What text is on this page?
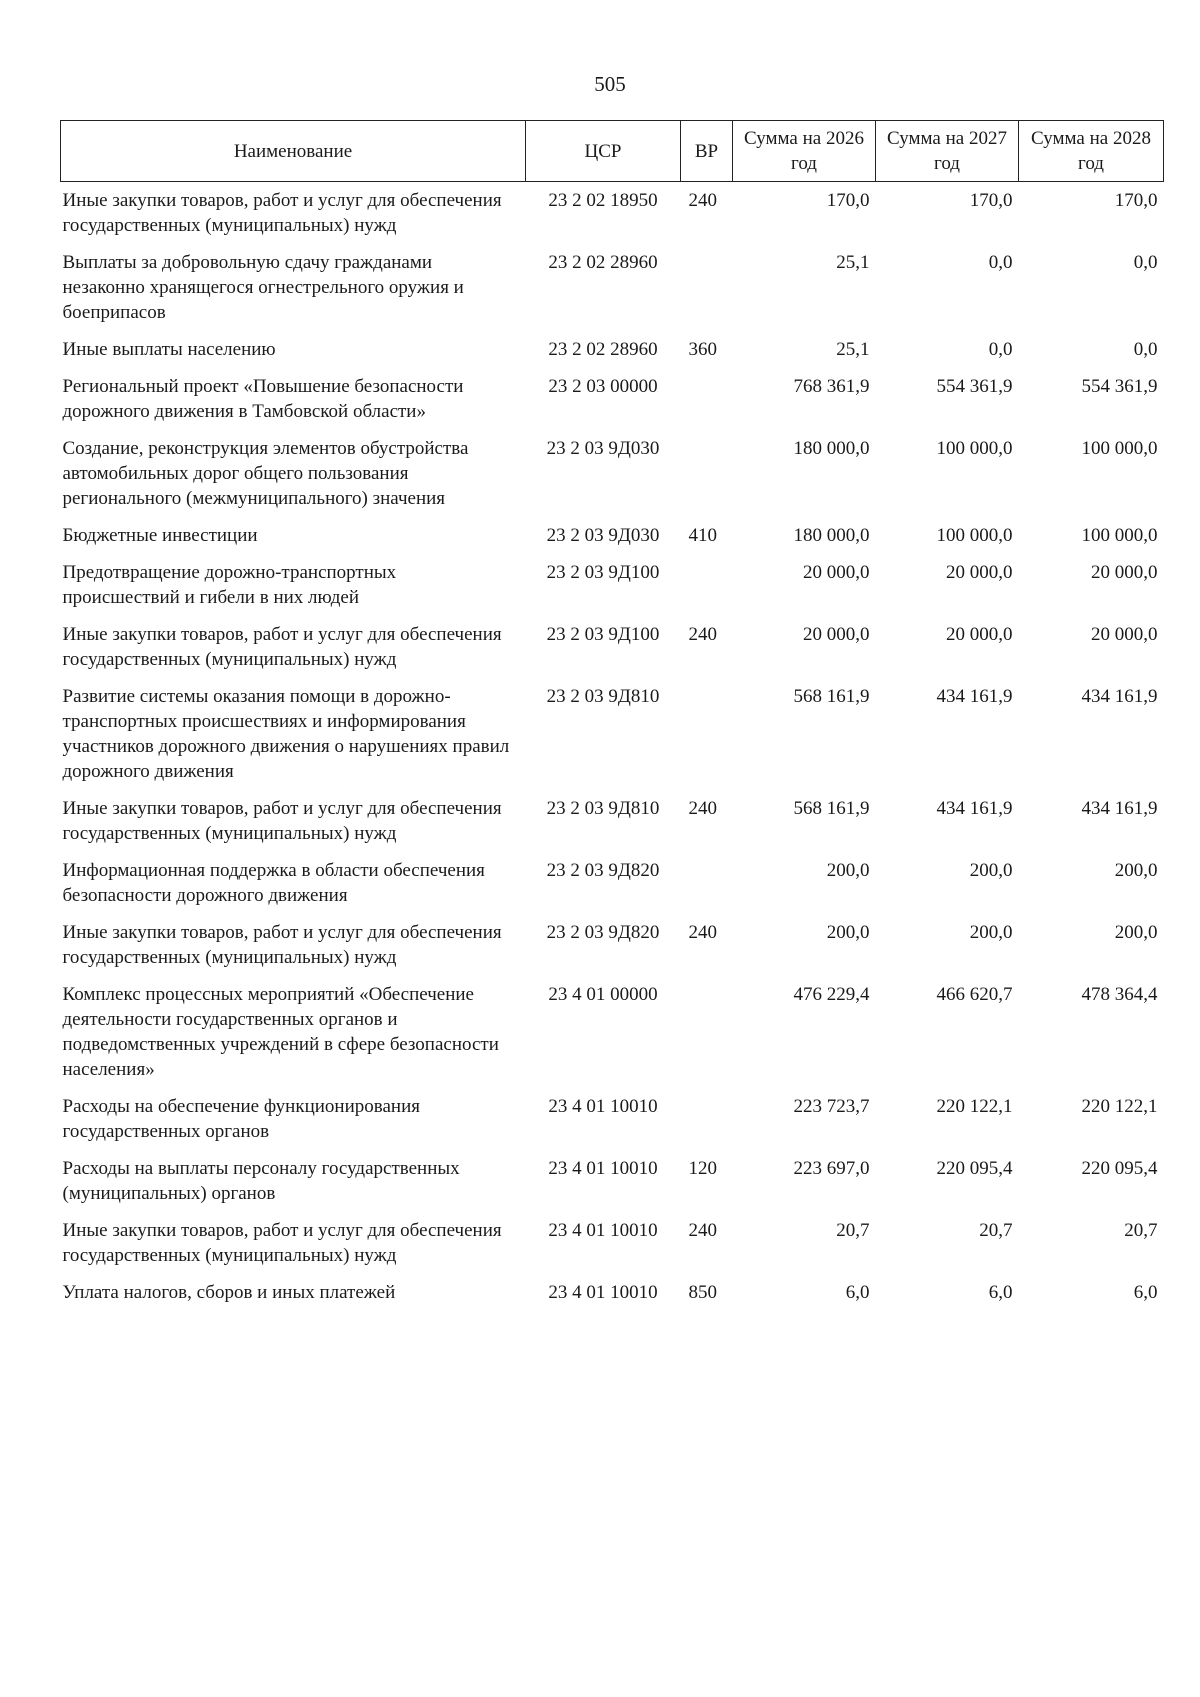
505
Наименование	ЦСР	ВР	Сумма на 2026 год	Сумма на 2027 год	Сумма на 2028 год
Иные закупки товаров, работ и услуг для обеспечения государственных (муниципальных) нужд	23 2 02 18950	240	170,0	170,0	170,0
Выплаты за добровольную сдачу гражданами незаконно хранящегося огнестрельного оружия и боеприпасов	23 2 02 28960		25,1	0,0	0,0
Иные выплаты населению	23 2 02 28960	360	25,1	0,0	0,0
Региональный проект «Повышение безопасности дорожного движения в Тамбовской области»	23 2 03 00000		768 361,9	554 361,9	554 361,9
Создание, реконструкция элементов обустройства автомобильных дорог общего пользования регионального (межмуниципального) значения	23 2 03 9Д030		180 000,0	100 000,0	100 000,0
Бюджетные инвестиции	23 2 03 9Д030	410	180 000,0	100 000,0	100 000,0
Предотвращение дорожно-транспортных происшествий и гибели в них людей	23 2 03 9Д100		20 000,0	20 000,0	20 000,0
Иные закупки товаров, работ и услуг для обеспечения государственных (муниципальных) нужд	23 2 03 9Д100	240	20 000,0	20 000,0	20 000,0
Развитие системы оказания помощи в дорожно-транспортных происшествиях и информирования участников дорожного движения о нарушениях правил дорожного движения	23 2 03 9Д810		568 161,9	434 161,9	434 161,9
Иные закупки товаров, работ и услуг для обеспечения государственных (муниципальных) нужд	23 2 03 9Д810	240	568 161,9	434 161,9	434 161,9
Информационная поддержка в области обеспечения безопасности дорожного движения	23 2 03 9Д820		200,0	200,0	200,0
Иные закупки товаров, работ и услуг для обеспечения государственных (муниципальных) нужд	23 2 03 9Д820	240	200,0	200,0	200,0
Комплекс процессных мероприятий «Обеспечение деятельности государственных органов и подведомственных учреждений в сфере безопасности населения»	23 4 01 00000		476 229,4	466 620,7	478 364,4
Расходы на обеспечение функционирования государственных органов	23 4 01 10010		223 723,7	220 122,1	220 122,1
Расходы на выплаты персоналу государственных (муниципальных) органов	23 4 01 10010	120	223 697,0	220 095,4	220 095,4
Иные закупки товаров, работ и услуг для обеспечения государственных (муниципальных) нужд	23 4 01 10010	240	20,7	20,7	20,7
Уплата налогов, сборов и иных платежей	23 4 01 10010	850	6,0	6,0	6,0
